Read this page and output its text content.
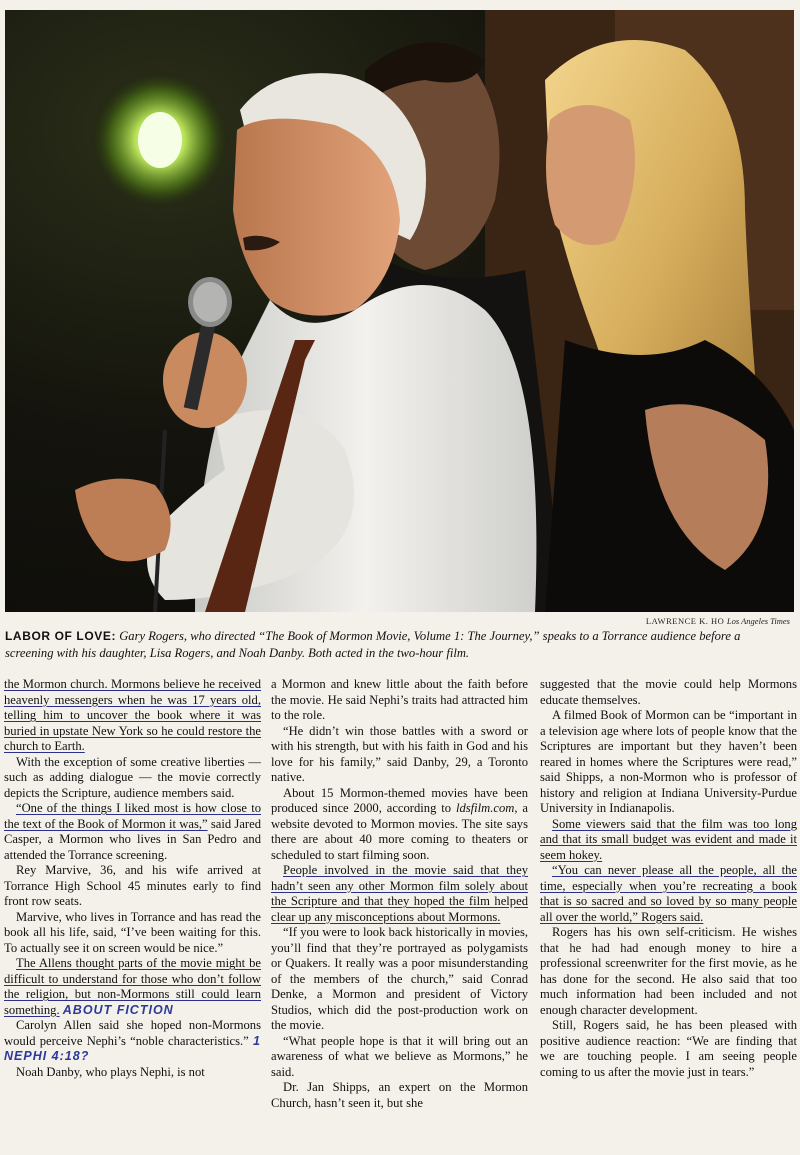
LAWRENCE K. HO Los Angeles Times
LABOR OF LOVE: Gary Rogers, who directed “The Book of Mormon Movie, Volume 1: The Journey,” speaks to a Torrance audience before a screening with his daughter, Lisa Rogers, and Noah Danby. Both acted in the two-hour film.

the Mormon church. Mormons believe he received heavenly messengers when he was 17 years old, telling him to uncover the book where it was buried in upstate New York so he could restore the church to Earth.

With the exception of some creative liberties — such as adding dialogue — the movie correctly depicts the Scripture, audience members said.

“One of the things I liked most is how close to the text of the Book of Mormon it was,” said Jared Casper, a Mormon who lives in San Pedro and attended the Torrance screening.

Rey Marvive, 36, and his wife arrived at Torrance High School 45 minutes early to find front row seats.

Marvive, who lives in Torrance and has read the book all his life, said, “I’ve been waiting for this. To actually see it on screen would be nice.”

The Allens thought parts of the movie might be difficult to understand for those who don’t follow the religion, but non-Mormons still could learn something. ABOUT FICTION

Carolyn Allen said she hoped non-Mormons would perceive Nephi’s “noble characteristics.” 1 NEPHI 4:18?

Noah Danby, who plays Nephi, is not

a Mormon and knew little about the faith before the movie. He said Nephi’s traits had attracted him to the role.

“He didn’t win those battles with a sword or with his strength, but with his faith in God and his love for his family,” said Danby, 29, a Toronto native.

About 15 Mormon-themed movies have been produced since 2000, according to ldsfilm.com, a website devoted to Mormon movies. The site says there are about 40 more coming to theaters or scheduled to start filming soon.

People involved in the movie said that they hadn’t seen any other Mormon film solely about the Scripture and that they hoped the film helped clear up any misconceptions about Mormons.

“If you were to look back historically in movies, you’ll find that they’re portrayed as polygamists or Quakers. It really was a poor misunderstanding of the members of the church,” said Conrad Denke, a Mormon and president of Victory Studios, which did the post-production work on the movie.

“What people hope is that it will bring out an awareness of what we believe as Mormons,” he said.

Dr. Jan Shipps, an expert on the Mormon Church, hasn’t seen it, but she

suggested that the movie could help Mormons educate themselves.

A filmed Book of Mormon can be “important in a television age where lots of people know that the Scriptures are important but they haven’t been reared in homes where the Scriptures were read,” said Shipps, a non-Mormon who is professor of history and religion at Indiana University-Purdue University in Indianapolis.

Some viewers said that the film was too long and that its small budget was evident and made it seem hokey.

“You can never please all the people, all the time, especially when you’re recreating a book that is so sacred and so loved by so many people all over the world,” Rogers said.

Rogers has his own self-criticism. He wishes that he had had enough money to hire a professional screenwriter for the first movie, as he has done for the second. He also said that too much information had been included and not enough character development.

Still, Rogers said, he has been pleased with positive audience reaction: “We are finding that we are touching people. I am seeing people coming to us after the movie just in tears.”
